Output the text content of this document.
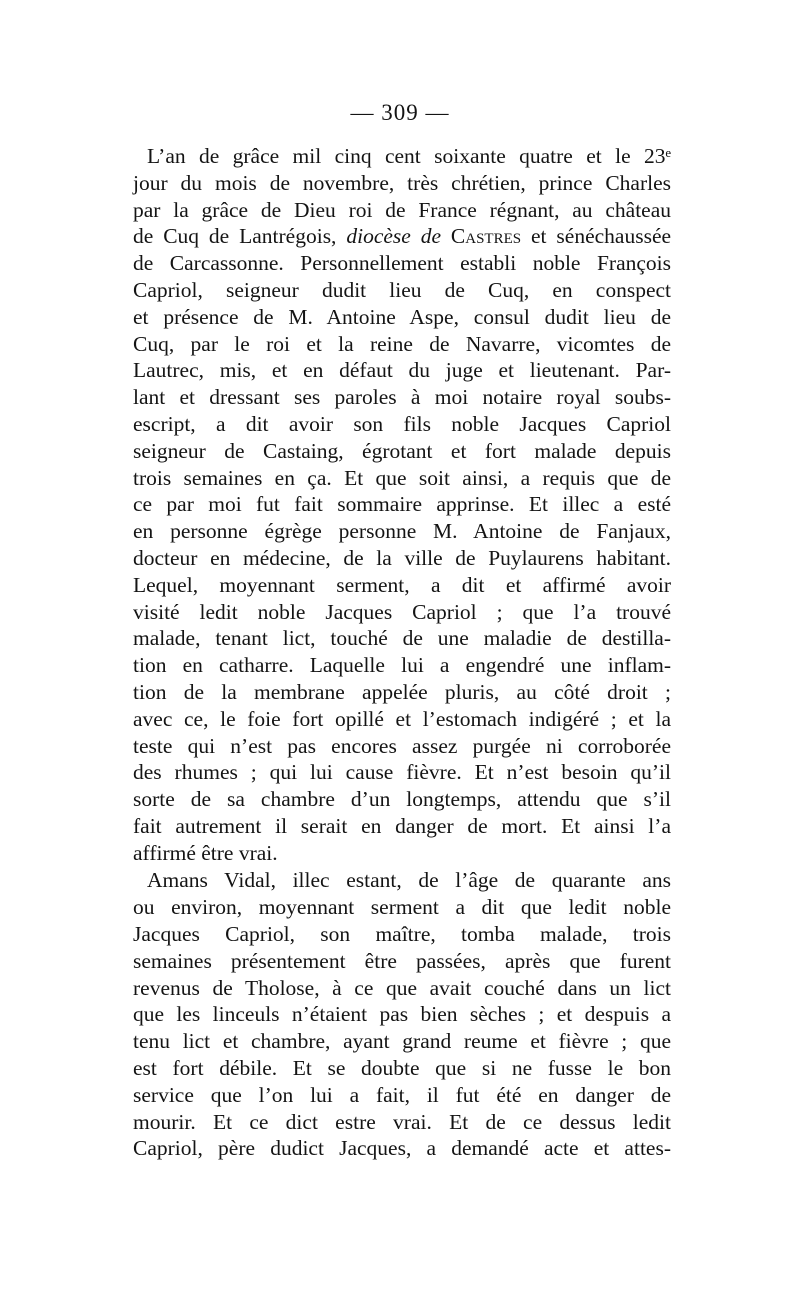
— 309 —
L’an de grâce mil cinq cent soixante quatre et le 23ᵉ
jour du mois de novembre, très chrétien, prince Charles
par la grâce de Dieu roi de France régnant, au château
de Cuq de Lantrégois, diocèse de Castres et sénéchaussée
de Carcassonne. Personnellement establi noble François
Capriol, seigneur dudit lieu de Cuq, en conspect
et présence de M. Antoine Aspe, consul dudit lieu de
Cuq, par le roi et la reine de Navarre, vicomtes de
Lautrec, mis, et en défaut du juge et lieutenant. Par-
lant et dressant ses paroles à moi notaire royal soubs-
escript, a dit avoir son fils noble Jacques Capriol
seigneur de Castaing, égrotant et fort malade depuis
trois semaines en ça. Et que soit ainsi, a requis que de
ce par moi fut fait sommaire apprinse. Et illec a esté
en personne égrège personne M. Antoine de Fanjaux,
docteur en médecine, de la ville de Puylaurens habitant.
Lequel, moyennant serment, a dit et affirmé avoir
visité ledit noble Jacques Capriol ; que l’a trouvé
malade, tenant lict, touché de une maladie de destilla-
tion en catharre. Laquelle lui a engendré une inflam-
tion de la membrane appelée pluris, au côté droit ;
avec ce, le foie fort opillé et l’estomach indigéré ; et la
teste qui n’est pas encores assez purgée ni corroborée
des rhumes ; qui lui cause fièvre. Et n’est besoin qu’il
sorte de sa chambre d’un longtemps, attendu que s’il
fait autrement il serait en danger de mort. Et ainsi l’a
affirmé être vrai.
Amans Vidal, illec estant, de l’âge de quarante ans
ou environ, moyennant serment a dit que ledit noble
Jacques Capriol, son maître, tomba malade, trois
semaines présentement être passées, après que furent
revenus de Tholose, à ce que avait couché dans un lict
que les linceuls n’étaient pas bien sèches ; et despuis a
tenu lict et chambre, ayant grand reume et fièvre ; que
est fort débile. Et se doubte que si ne fusse le bon
service que l’on lui a fait, il fut été en danger de
mourir. Et ce dict estre vrai. Et de ce dessus ledit
Capriol, père dudict Jacques, a demandé acte et attes-
